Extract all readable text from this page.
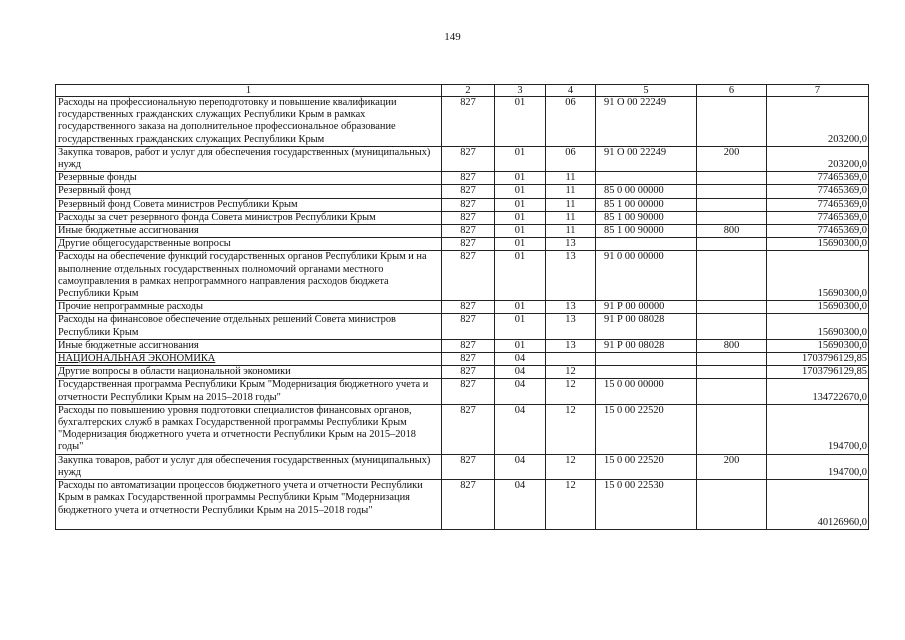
149
1	2	3	4	5	6	7
Расходы на профессиональную переподготовку и повышение квалификации государственных гражданских служащих Республики Крым в рамках государственного заказа на дополнительное профессиональное образование государственных гражданских служащих Республики Крым	827	01	06	91 О 00 22249		203200,0
Закупка товаров, работ и услуг для обеспечения государственных (муниципальных) нужд	827	01	06	91 О 00 22249	200	203200,0
Резервные фонды	827	01	11			77465369,0
Резервный фонд	827	01	11	85 0 00 00000		77465369,0
Резервный фонд Совета министров Республики Крым	827	01	11	85 1 00 00000		77465369,0
Расходы за счет резервного фонда Совета министров Республики Крым	827	01	11	85 1 00 90000		77465369,0
Иные бюджетные ассигнования	827	01	11	85 1 00 90000	800	77465369,0
Другие общегосударственные вопросы	827	01	13			15690300,0
Расходы на обеспечение функций государственных органов Республики Крым и на выполнение отдельных государственных полномочий органами местного самоуправления в рамках непрограммного направления расходов бюджета Республики Крым	827	01	13	91 0 00 00000		15690300,0
Прочие непрограммные расходы	827	01	13	91 Р 00 00000		15690300,0
Расходы на финансовое обеспечение отдельных решений Совета министров Республики Крым	827	01	13	91 Р 00 08028		15690300,0
Иные бюджетные ассигнования	827	01	13	91 Р 00 08028	800	15690300,0
НАЦИОНАЛЬНАЯ ЭКОНОМИКА	827	04				1703796129,85
Другие вопросы в области национальной экономики	827	04	12			1703796129,85
Государственная программа Республики Крым "Модернизация бюджетного учета и отчетности Республики Крым на 2015–2018 годы"	827	04	12	15 0 00 00000		134722670,0
Расходы по повышению уровня подготовки специалистов финансовых органов, бухгалтерских служб в рамках Государственной программы Республики Крым "Модернизация бюджетного учета и отчетности Республики Крым на 2015–2018 годы"	827	04	12	15 0 00 22520		194700,0
Закупка товаров, работ и услуг для обеспечения государственных (муниципальных) нужд	827	04	12	15 0 00 22520	200	194700,0
Расходы по автоматизации процессов бюджетного учета и отчетности Республики Крым в рамках Государственной программы Республики Крым "Модернизация бюджетного учета и отчетности Республики Крым на 2015–2018 годы"	827	04	12	15 0 00 22530		40126960,0
